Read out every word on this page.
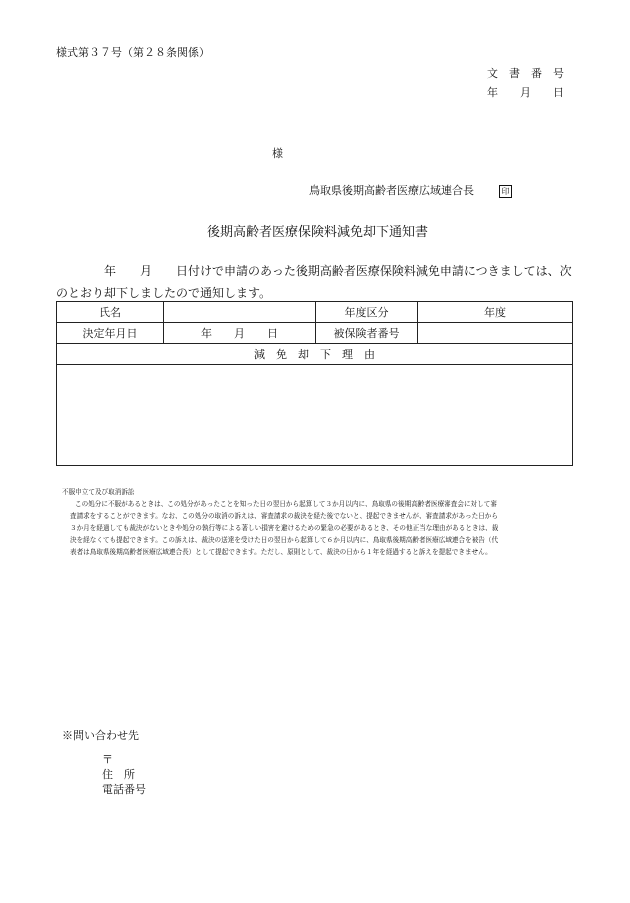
様式第３７号（第２８条関係）
文　書　番　号
年　　月　　日
様
鳥取県後期高齢者医療広域連合長	印
後期高齢者医療保険料減免却下通知書
年　　月　　日付けで申請のあった後期高齢者医療保険料減免申請につきましては、次
のとおり却下しましたので通知します。
氏名		年度区分	年度
決定年月日	年　　月　　日	被保険者番号	
減　免　却　下　理　由			

不服申立て及び取消訴訟
この処分に不服があるときは、この処分があったことを知った日の翌日から起算して３か月以内に、鳥取県の後期高齢者医療審査会に対して審
査請求をすることができます。なお、この処分の取消の訴えは、審査請求の裁決を経た後でないと、提起できませんが、審査請求があった日から
３か月を経過しても裁決がないときや処分の執行等による著しい損害を避けるための緊急の必要があるとき、その他正当な理由があるときは、裁
決を経なくても提起できます。この訴えは、裁決の送達を受けた日の翌日から起算して６か月以内に、鳥取県後期高齢者医療広域連合を被告（代
表者は鳥取県後期高齢者医療広域連合長）として提起できます。ただし、原則として、裁決の日から１年を経過すると訴えを提起できません。
※問い合わせ先
〒
住　所
電話番号
